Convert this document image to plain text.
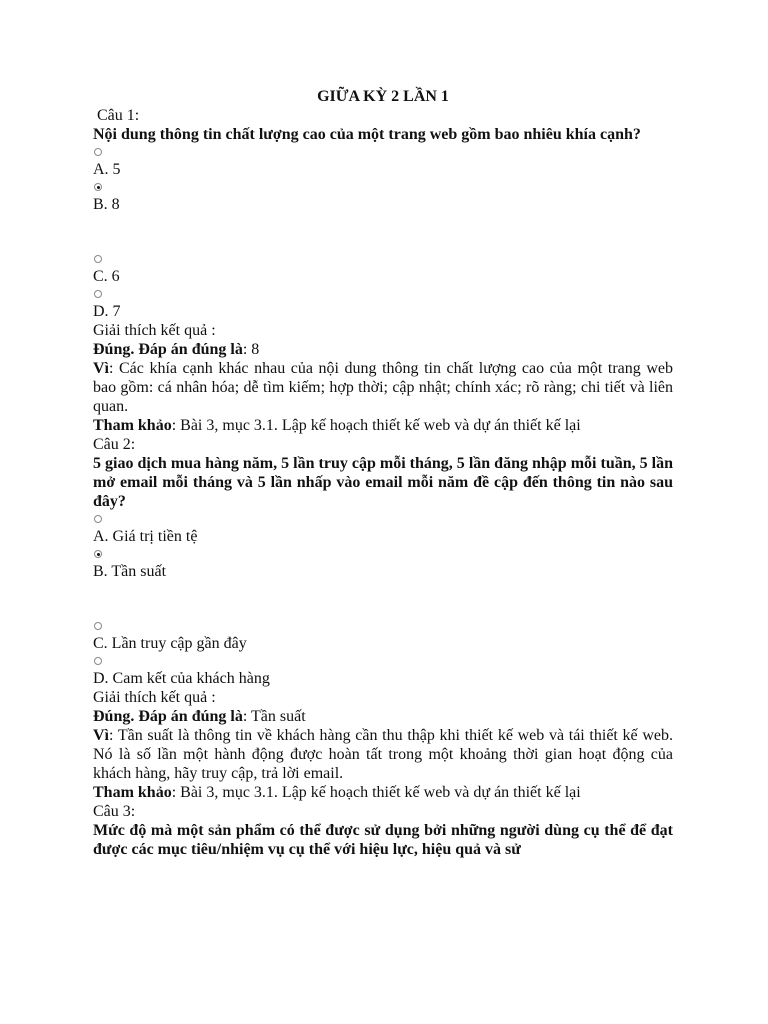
GIỮA KỲ 2 LẦN 1
Câu 1:
Nội dung thông tin chất lượng cao của một trang web gồm bao nhiêu khía cạnh?
A. 5
B. 8
C. 6
D. 7
Giải thích kết quả :
Đúng. Đáp án đúng là: 8
Vì: Các khía cạnh khác nhau của nội dung thông tin chất lượng cao của một trang web bao gồm: cá nhân hóa; dễ tìm kiếm; hợp thời; cập nhật; chính xác; rõ ràng; chi tiết và liên quan.
Tham khảo: Bài 3, mục 3.1. Lập kế hoạch thiết kế web và dự án thiết kế lại
Câu 2:
5 giao dịch mua hàng năm, 5 lần truy cập mỗi tháng, 5 lần đăng nhập mỗi tuần, 5 lần mở email mỗi tháng và 5 lần nhấp vào email mỗi năm đề cập đến thông tin nào sau đây?
A. Giá trị tiền tệ
B. Tần suất
C. Lần truy cập gần đây
D. Cam kết của khách hàng
Giải thích kết quả :
Đúng. Đáp án đúng là: Tần suất
Vì: Tần suất là thông tin về khách hàng cần thu thập khi thiết kế web và tái thiết kế web. Nó là số lần một hành động được hoàn tất trong một khoảng thời gian hoạt động của khách hàng, hãy truy cập, trả lời email.
Tham khảo: Bài 3, mục 3.1. Lập kế hoạch thiết kế web và dự án thiết kế lại
Câu 3:
Mức độ mà một sản phẩm có thể được sử dụng bởi những người dùng cụ thể để đạt được các mục tiêu/nhiệm vụ cụ thể với hiệu lực, hiệu quả và sử
